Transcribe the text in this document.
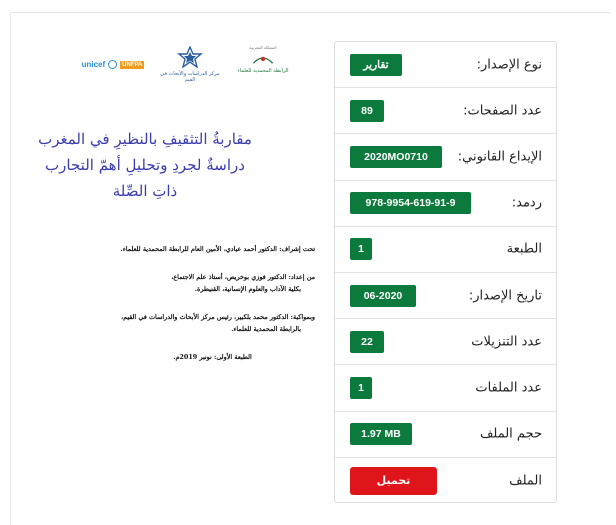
unicef	UNFPA
مركز الدراسات والأبحاث في القيم
المملكة المغربية
الرابطة المحمدية للعلماء
مقاربةُ التثقيفِ بالنظيرِ في المغرب
دراسةٌ لجردِ وتحليلِ أهمّ التجارب
ذاتِ الصِّلة
تحت إشراف: الدكتور أحمد عبادي، الأمين العام للرابطة المحمدية للعلماء.
من إعداد: الدكتور فوزي بوخريص، أستاذ علم الاجتماع،
بكلية الآداب والعلوم الإنسانية، القنيطرة.
وبمواكبة: الدكتور محمد بلكبير، رئيس مركز الأبحاث والدراسات في القيم،
بالرابطة المحمدية للعلماء.
الطبعة الأولى: نونبر 2019م.
نوع الإصدار:
تقارير
عدد الصفحات:
89
الإيداع القانوني:
2020MO0710
ردمد:
978-9954-619-91-9
الطبعة
1
تاريخ الإصدار:
06-2020
عدد التنزيلات
22
عدد الملفات
1
حجم الملف
1.97 MB
الملف
تحميل
